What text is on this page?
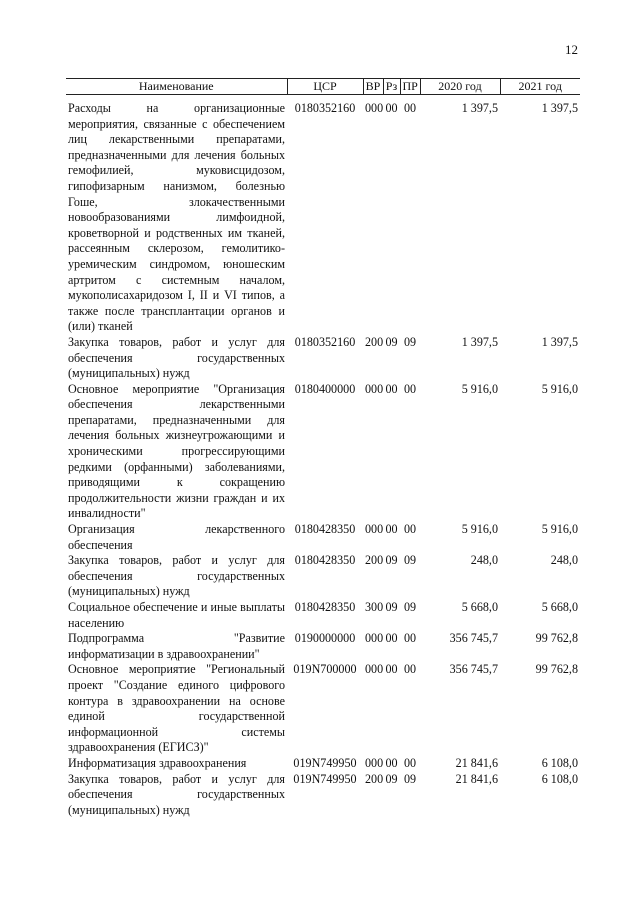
12
Наименование	ЦСР	ВР	Рз	ПР	2020 год	2021 год

Расходы на организационные мероприятия, связанные с обеспечением лиц лекарственными препаратами, предназначенными для лечения больных гемофилией, муковисцидозом, гипофизарным нанизмом, болезнью Гоше, злокачественными новообразованиями лимфоидной, кроветворной и родственных им тканей, рассеянным склерозом, гемолитико-уремическим синдромом, юношеским артритом с системным началом, мукополисахаридозом I, II и VI типов, а также после трансплантации органов и (или) тканей	0180352160	000	00	00	1 397,5	1 397,5
Закупка товаров, работ и услуг для обеспечения государственных (муниципальных) нужд	0180352160	200	09	09	1 397,5	1 397,5
Основное мероприятие "Организация обеспечения лекарственными препаратами, предназначенными для лечения больных жизнеугрожающими и хроническими прогрессирующими редкими (орфанными) заболеваниями, приводящими к сокращению продолжительности жизни граждан и их инвалидности"	0180400000	000	00	00	5 916,0	5 916,0
Организация лекарственного обеспечения	0180428350	000	00	00	5 916,0	5 916,0
Закупка товаров, работ и услуг для обеспечения государственных (муниципальных) нужд	0180428350	200	09	09	248,0	248,0
Социальное обеспечение и иные выплаты населению	0180428350	300	09	09	5 668,0	5 668,0
Подпрограмма "Развитие информатизации в здравоохранении"	0190000000	000	00	00	356 745,7	99 762,8
Основное мероприятие "Региональный проект "Создание единого цифрового контура в здравоохранении на основе единой государственной информационной системы здравоохранения (ЕГИСЗ)"	019N700000	000	00	00	356 745,7	99 762,8
Информатизация здравоохранения	019N749950	000	00	00	21 841,6	6 108,0
Закупка товаров, работ и услуг для обеспечения государственных (муниципальных) нужд	019N749950	200	09	09	21 841,6	6 108,0
